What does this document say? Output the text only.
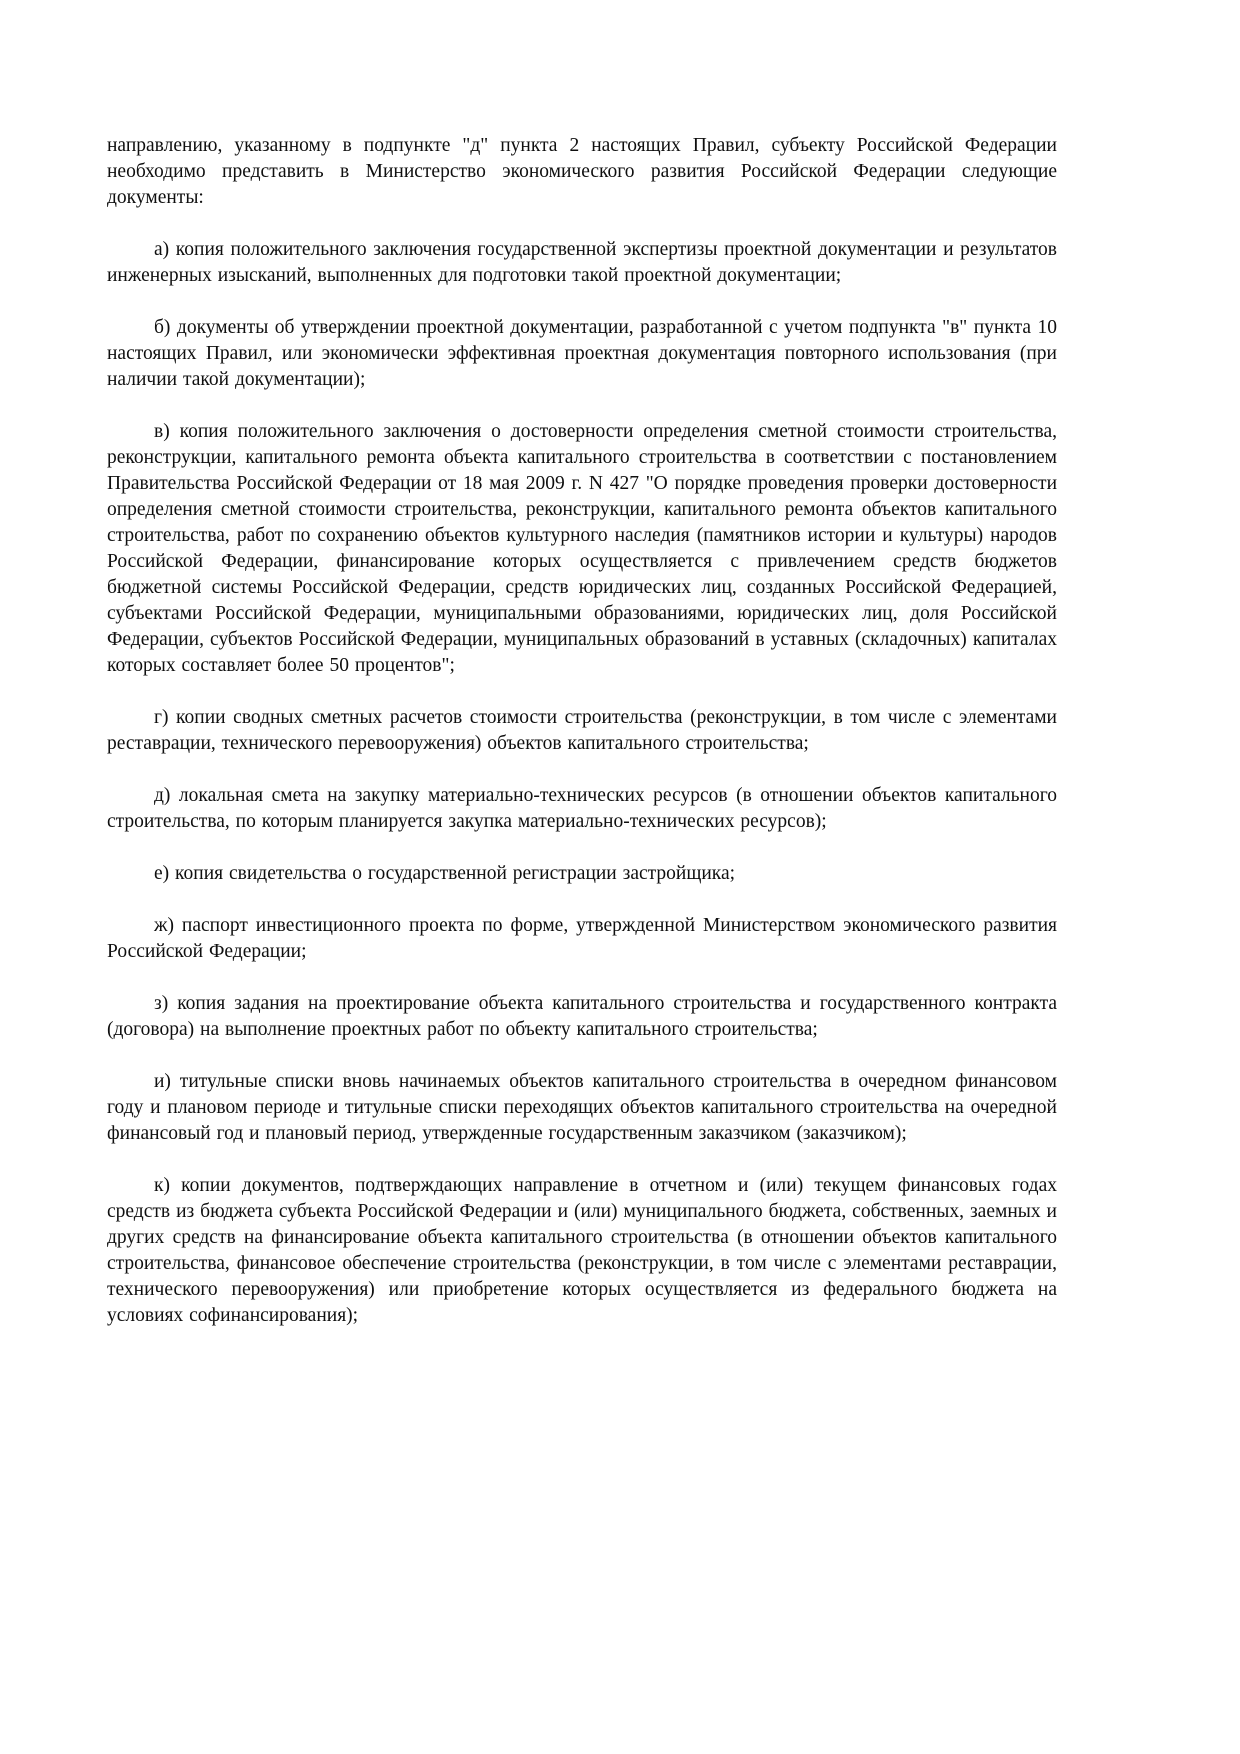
направлению, указанному в подпункте "д" пункта 2 настоящих Правил, субъекту Российской Федерации необходимо представить в Министерство экономического развития Российской Федерации следующие документы:

а) копия положительного заключения государственной экспертизы проектной документации и результатов инженерных изысканий, выполненных для подготовки такой проектной документации;

б) документы об утверждении проектной документации, разработанной с учетом подпункта "в" пункта 10 настоящих Правил, или экономически эффективная проектная документация повторного использования (при наличии такой документации);

в) копия положительного заключения о достоверности определения сметной стоимости строительства, реконструкции, капитального ремонта объекта капитального строительства в соответствии с постановлением Правительства Российской Федерации от 18 мая 2009 г. N 427 "О порядке проведения проверки достоверности определения сметной стоимости строительства, реконструкции, капитального ремонта объектов капитального строительства, работ по сохранению объектов культурного наследия (памятников истории и культуры) народов Российской Федерации, финансирование которых осуществляется с привлечением средств бюджетов бюджетной системы Российской Федерации, средств юридических лиц, созданных Российской Федерацией, субъектами Российской Федерации, муниципальными образованиями, юридических лиц, доля Российской Федерации, субъектов Российской Федерации, муниципальных образований в уставных (складочных) капиталах которых составляет более 50 процентов";

г) копии сводных сметных расчетов стоимости строительства (реконструкции, в том числе с элементами реставрации, технического перевооружения) объектов капитального строительства;

д) локальная смета на закупку материально-технических ресурсов (в отношении объектов капитального строительства, по которым планируется закупка материально-технических ресурсов);

е) копия свидетельства о государственной регистрации застройщика;

ж) паспорт инвестиционного проекта по форме, утвержденной Министерством экономического развития Российской Федерации;

з) копия задания на проектирование объекта капитального строительства и государственного контракта (договора) на выполнение проектных работ по объекту капитального строительства;

и) титульные списки вновь начинаемых объектов капитального строительства в очередном финансовом году и плановом периоде и титульные списки переходящих объектов капитального строительства на очередной финансовый год и плановый период, утвержденные государственным заказчиком (заказчиком);

к) копии документов, подтверждающих направление в отчетном и (или) текущем финансовых годах средств из бюджета субъекта Российской Федерации и (или) муниципального бюджета, собственных, заемных и других средств на финансирование объекта капитального строительства (в отношении объектов капитального строительства, финансовое обеспечение строительства (реконструкции, в том числе с элементами реставрации, технического перевооружения) или приобретение которых осуществляется из федерального бюджета на условиях софинансирования);
